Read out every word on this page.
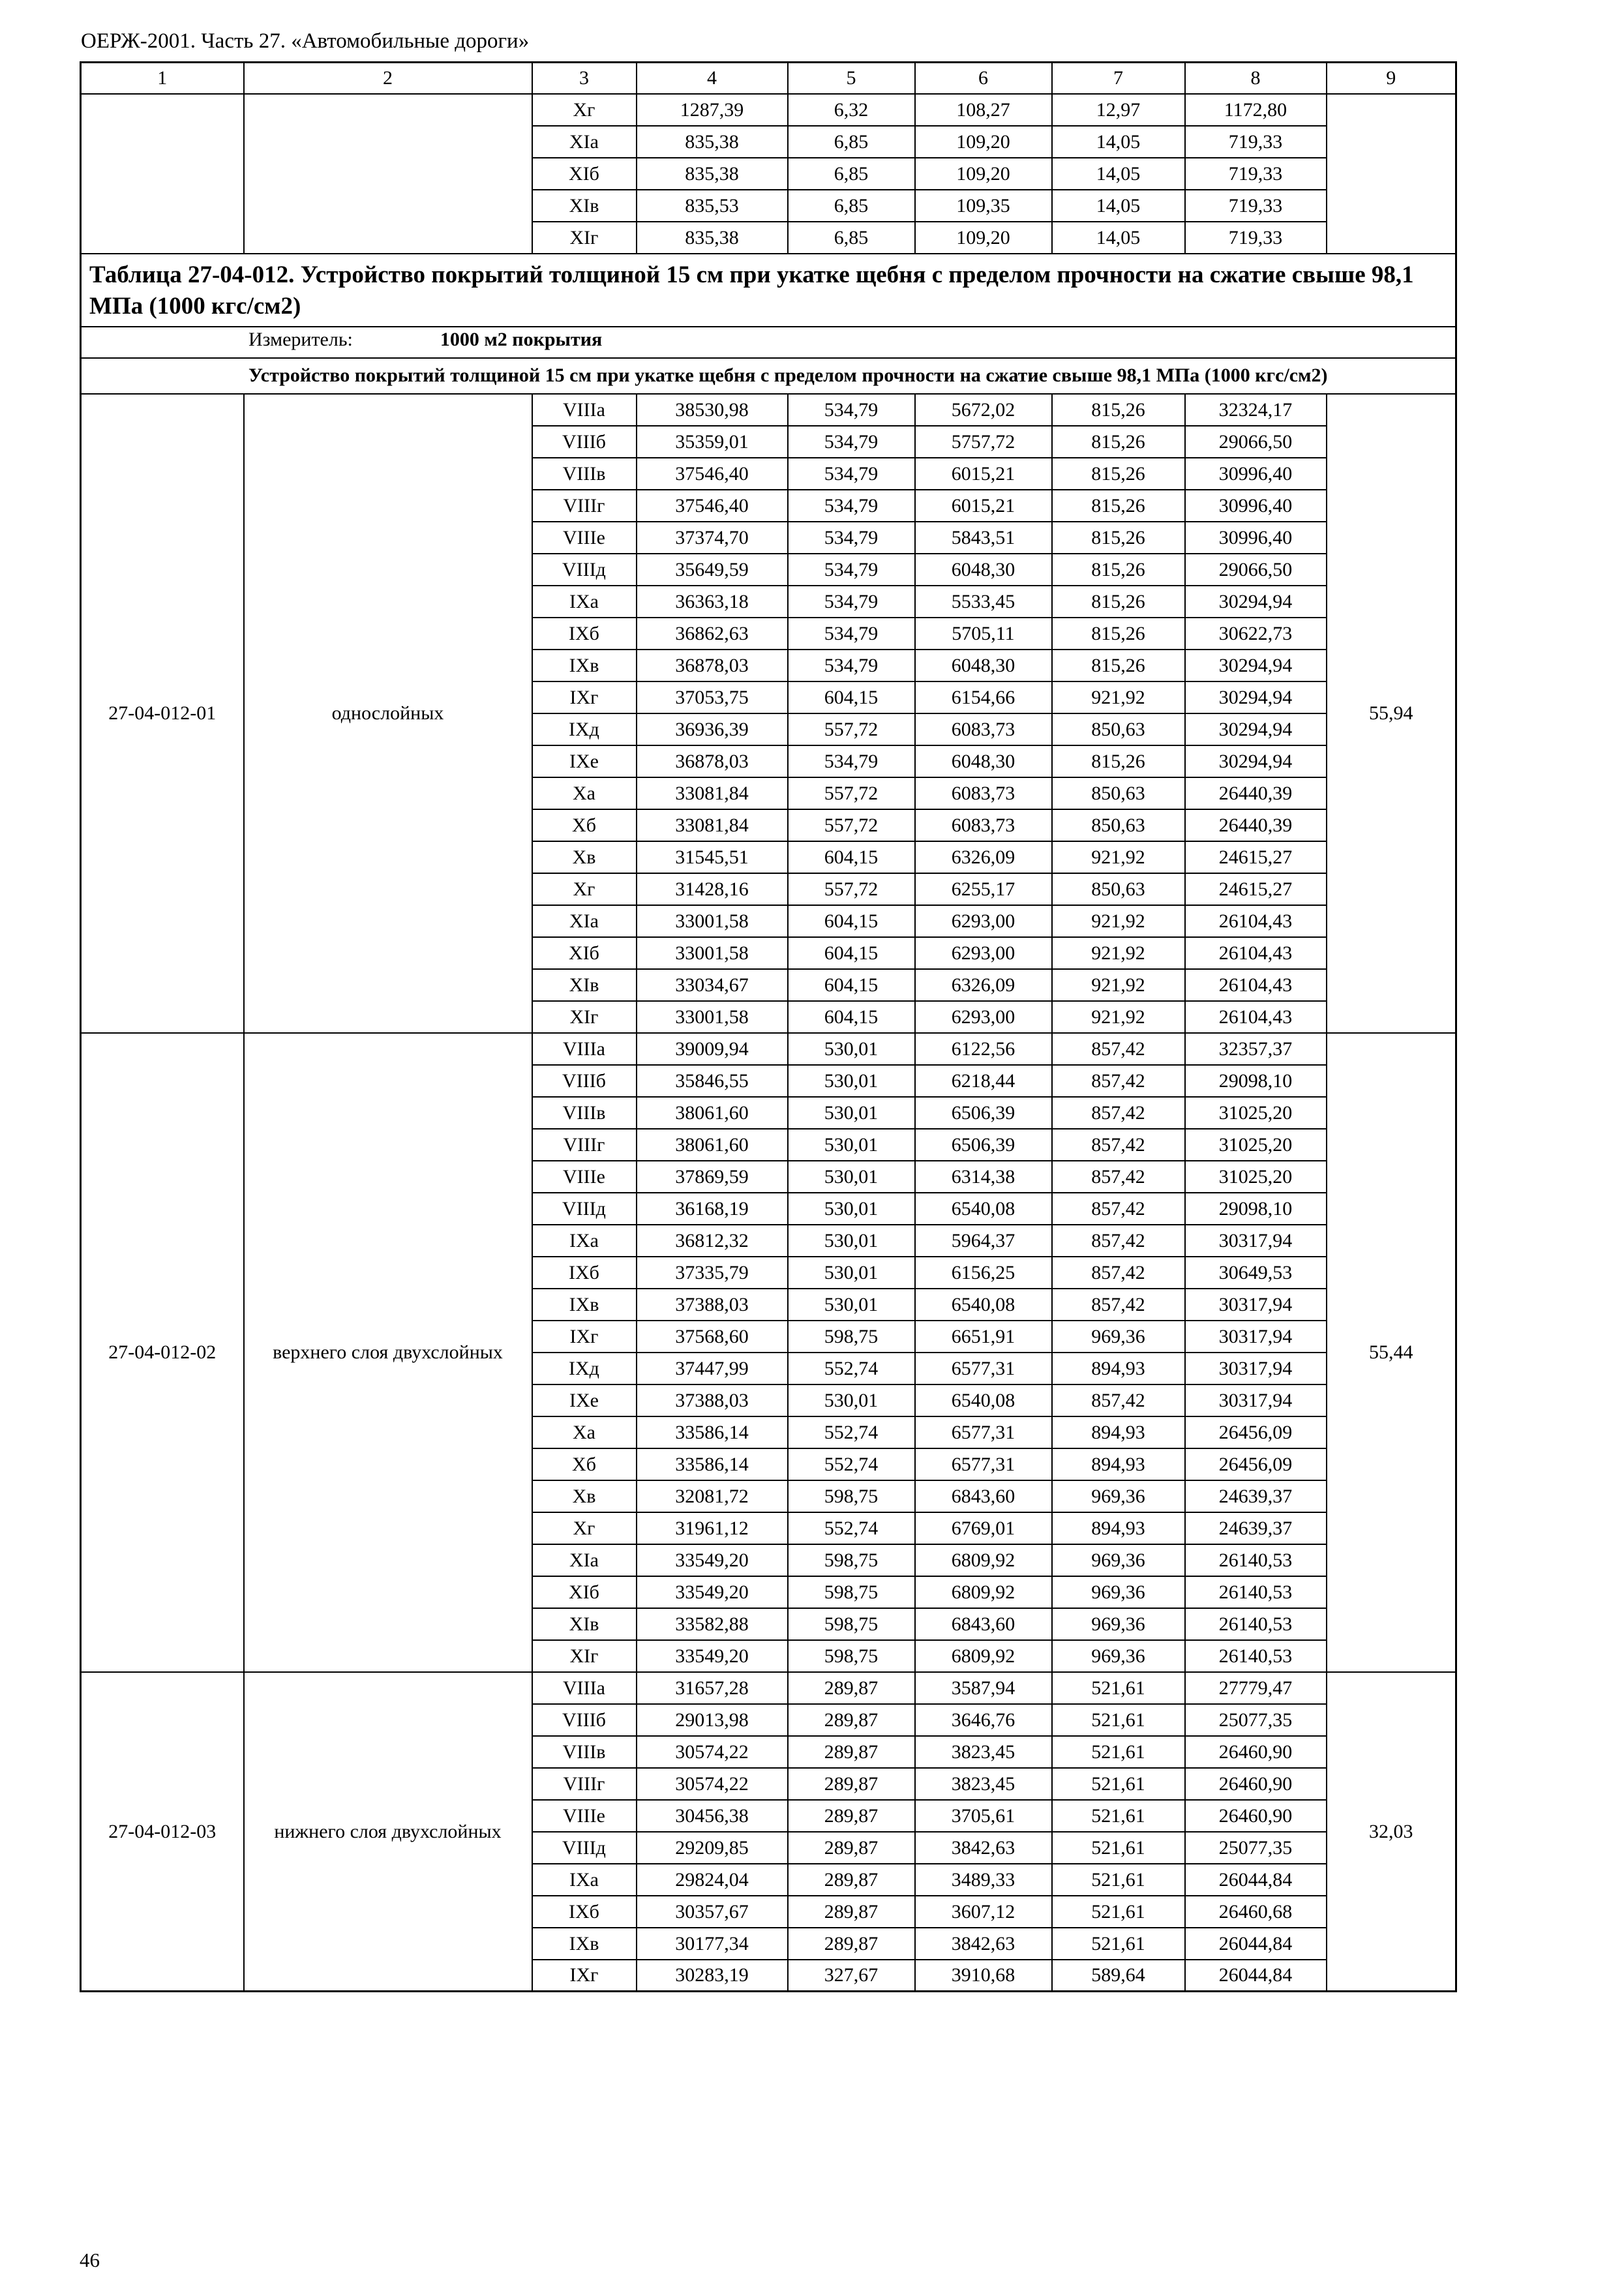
ОЕРЖ-2001. Часть 27. «Автомобильные дороги»
1	2	3	4	5	6	7	8	9
		Хг	1287,39	6,32	108,27	12,97	1172,80	
		XIа	835,38	6,85	109,20	14,05	719,33	
		XIб	835,38	6,85	109,20	14,05	719,33	
		XIв	835,53	6,85	109,35	14,05	719,33	
		XIг	835,38	6,85	109,20	14,05	719,33	
Таблица 27-04-012. Устройство покрытий толщиной 15 см при укатке щебня с пределом прочности на сжатие свыше 98,1 МПа (1000 кгс/см2)								
Измеритель: 1000 м2 покрытия								
Устройство покрытий толщиной 15 см при укатке щебня с пределом прочности на сжатие свыше 98,1 МПа (1000 кгс/см2)								
27-04-012-01	однослойных	VIIIа	38530,98	534,79	5672,02	815,26	32324,17	55,94
		VIIIб	35359,01	534,79	5757,72	815,26	29066,50	
		VIIIв	37546,40	534,79	6015,21	815,26	30996,40	
		VIIIг	37546,40	534,79	6015,21	815,26	30996,40	
		VIIIе	37374,70	534,79	5843,51	815,26	30996,40	
		VIIIд	35649,59	534,79	6048,30	815,26	29066,50	
		IXа	36363,18	534,79	5533,45	815,26	30294,94	
		IXб	36862,63	534,79	5705,11	815,26	30622,73	
		IXв	36878,03	534,79	6048,30	815,26	30294,94	
		IXг	37053,75	604,15	6154,66	921,92	30294,94	
		IXд	36936,39	557,72	6083,73	850,63	30294,94	
		IXе	36878,03	534,79	6048,30	815,26	30294,94	
		Ха	33081,84	557,72	6083,73	850,63	26440,39	
		Хб	33081,84	557,72	6083,73	850,63	26440,39	
		Хв	31545,51	604,15	6326,09	921,92	24615,27	
		Хг	31428,16	557,72	6255,17	850,63	24615,27	
		XIа	33001,58	604,15	6293,00	921,92	26104,43	
		XIб	33001,58	604,15	6293,00	921,92	26104,43	
		XIв	33034,67	604,15	6326,09	921,92	26104,43	
		XIг	33001,58	604,15	6293,00	921,92	26104,43	
27-04-012-02	верхнего слоя двухслойных	VIIIа	39009,94	530,01	6122,56	857,42	32357,37	55,44
		VIIIб	35846,55	530,01	6218,44	857,42	29098,10	
		VIIIв	38061,60	530,01	6506,39	857,42	31025,20	
		VIIIг	38061,60	530,01	6506,39	857,42	31025,20	
		VIIIе	37869,59	530,01	6314,38	857,42	31025,20	
		VIIIд	36168,19	530,01	6540,08	857,42	29098,10	
		IXа	36812,32	530,01	5964,37	857,42	30317,94	
		IXб	37335,79	530,01	6156,25	857,42	30649,53	
		IXв	37388,03	530,01	6540,08	857,42	30317,94	
		IXг	37568,60	598,75	6651,91	969,36	30317,94	
		IXд	37447,99	552,74	6577,31	894,93	30317,94	
		IXе	37388,03	530,01	6540,08	857,42	30317,94	
		Ха	33586,14	552,74	6577,31	894,93	26456,09	
		Хб	33586,14	552,74	6577,31	894,93	26456,09	
		Хв	32081,72	598,75	6843,60	969,36	24639,37	
		Хг	31961,12	552,74	6769,01	894,93	24639,37	
		XIа	33549,20	598,75	6809,92	969,36	26140,53	
		XIб	33549,20	598,75	6809,92	969,36	26140,53	
		XIв	33582,88	598,75	6843,60	969,36	26140,53	
		XIг	33549,20	598,75	6809,92	969,36	26140,53	
27-04-012-03	нижнего слоя двухслойных	VIIIа	31657,28	289,87	3587,94	521,61	27779,47	32,03
		VIIIб	29013,98	289,87	3646,76	521,61	25077,35	
		VIIIв	30574,22	289,87	3823,45	521,61	26460,90	
		VIIIг	30574,22	289,87	3823,45	521,61	26460,90	
		VIIIе	30456,38	289,87	3705,61	521,61	26460,90	
		VIIIд	29209,85	289,87	3842,63	521,61	25077,35	
		IXа	29824,04	289,87	3489,33	521,61	26044,84	
		IXб	30357,67	289,87	3607,12	521,61	26460,68	
		IXв	30177,34	289,87	3842,63	521,61	26044,84	
		IXг	30283,19	327,67	3910,68	589,64	26044,84	
46
